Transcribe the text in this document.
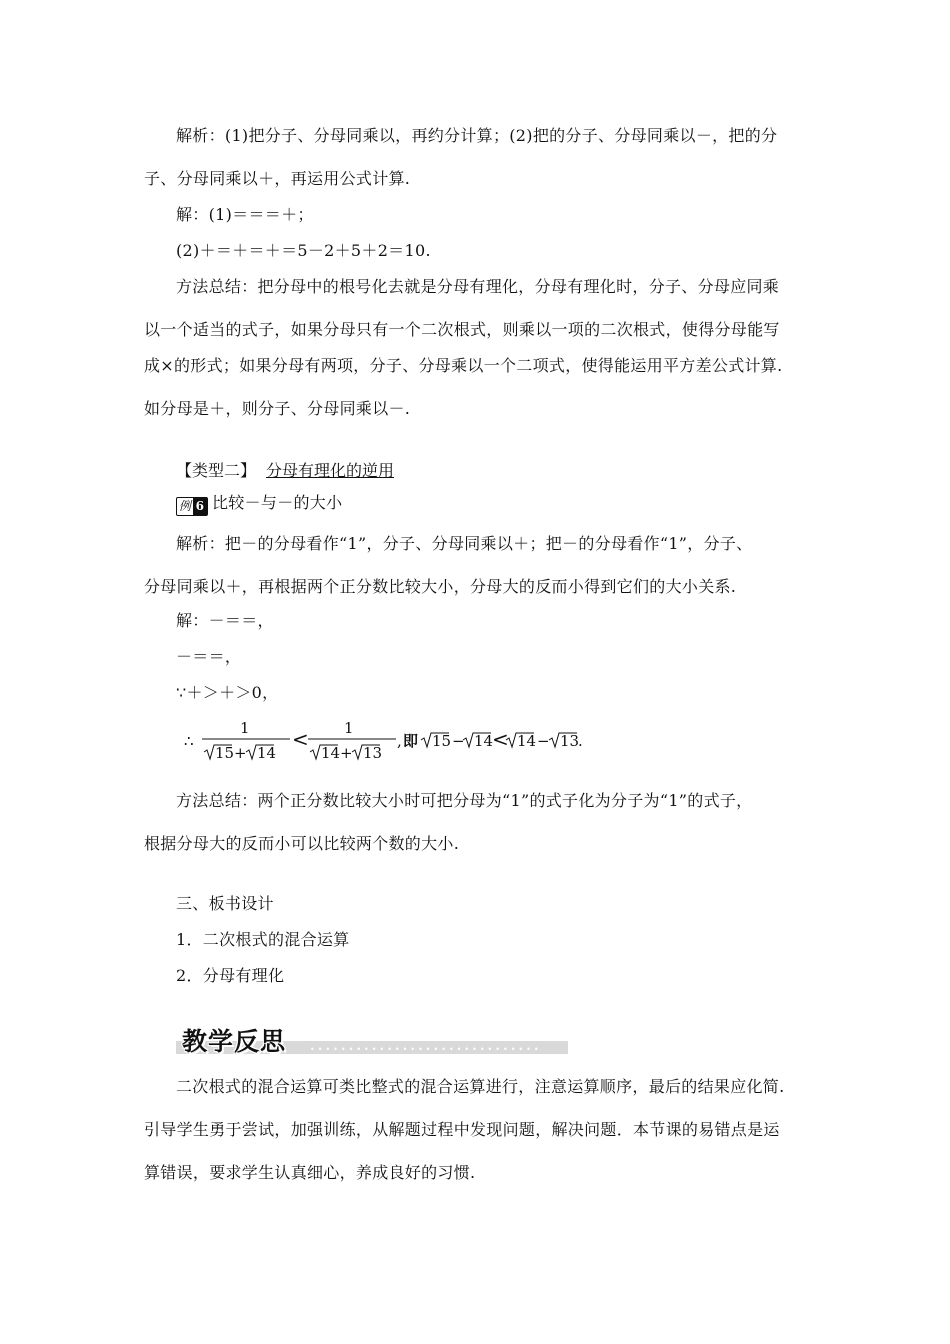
解析：(1)把分子、分母同乘以，再约分计算；(2)把的分子、分母同乘以－，把的分
子、分母同乘以＋，再运用公式计算.
解：(1)＝＝＝＋；
(2)＋＝＋＝＋＝5－2＋5＋2＝10.
方法总结：把分母中的根号化去就是分母有理化，分母有理化时，分子、分母应同乘
以一个适当的式子，如果分母只有一个二次根式，则乘以一项的二次根式，使得分母能写
成×的形式；如果分母有两项，分子、分母乘以一个二项式，使得能运用平方差公式计算.
如分母是＋，则分子、分母同乘以－.
【类型二】 分母有理化的逆用
例 6 比较－与－的大小
解析：把－的分母看作“1”，分子、分母同乘以＋；把－的分母看作“1”，分子、
分母同乘以＋，再根据两个正分数比较大小，分母大的反而小得到它们的大小关系.
解：－＝＝，
－＝＝，
∵＋＞＋＞0，
∴
1
15 + 14
< 1
14 + 13
, 即 15 − 14
< 14 − 13
.
方法总结：两个正分数比较大小时可把分母为“1”的式子化为分子为“1”的式子，
根据分母大的反而小可以比较两个数的大小.
三、板书设计
1．二次根式的混合运算
2．分母有理化
••••••••••••••••••••••••••••••
教学反思
二次根式的混合运算可类比整式的混合运算进行，注意运算顺序，最后的结果应化简.
引导学生勇于尝试，加强训练，从解题过程中发现问题，解决问题．本节课的易错点是运
算错误，要求学生认真细心，养成良好的习惯.
